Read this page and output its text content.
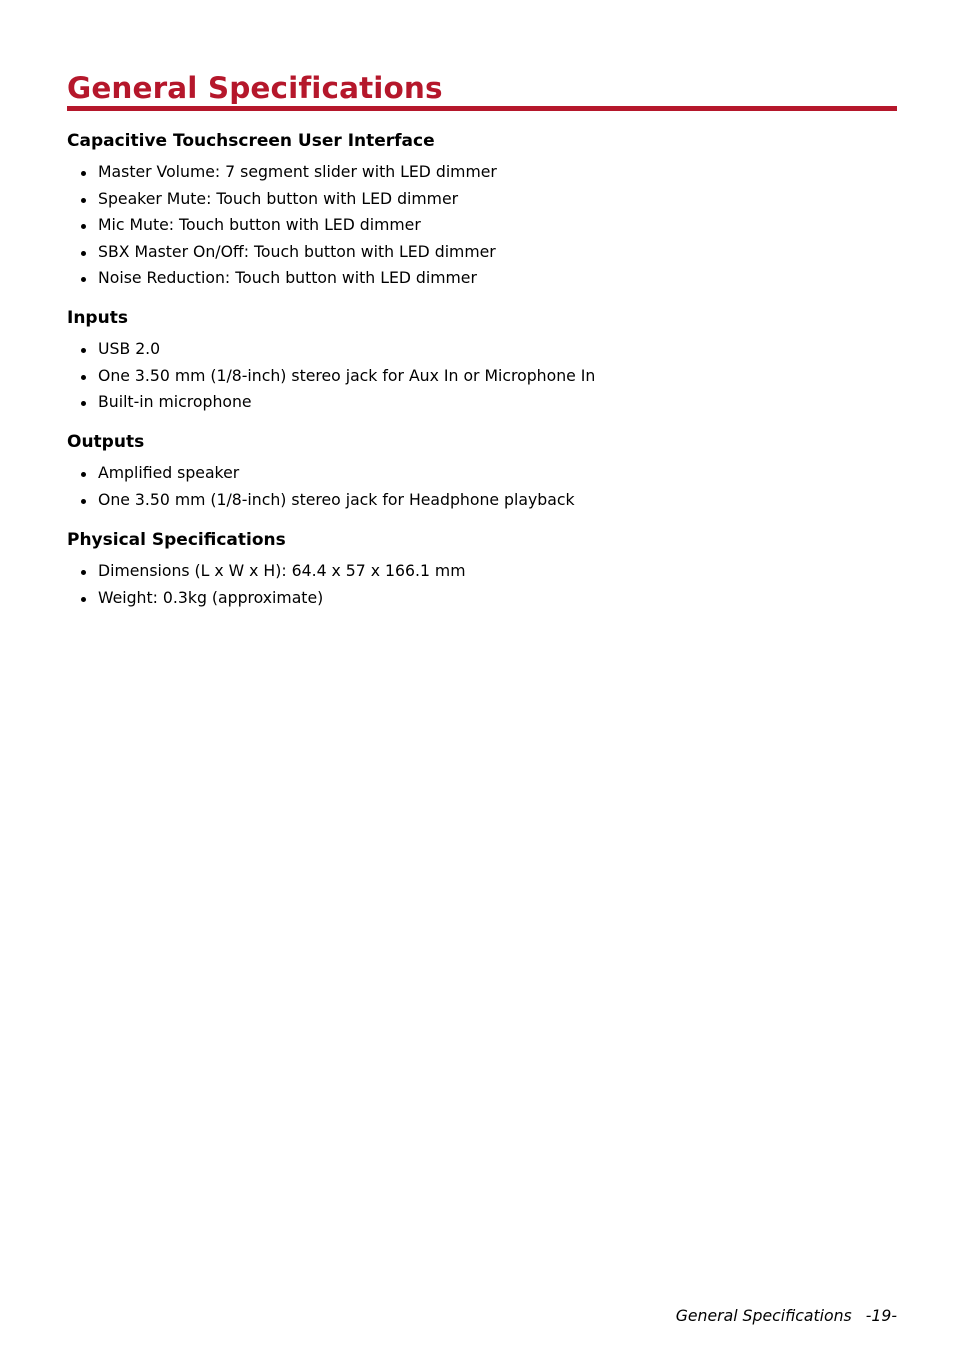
General Specifications
Capacitive Touchscreen User Interface
Master Volume: 7 segment slider with LED dimmer
Speaker Mute: Touch button with LED dimmer
Mic Mute: Touch button with LED dimmer
SBX Master On/Off: Touch button with LED dimmer
Noise Reduction: Touch button with LED dimmer
Inputs
USB 2.0
One 3.50 mm (1/8-inch) stereo jack for Aux In or Microphone In
Built-in microphone
Outputs
Amplified speaker
One 3.50 mm (1/8-inch) stereo jack for Headphone playback
Physical Specifications
Dimensions (L x W x H): 64.4 x 57 x 166.1 mm
Weight: 0.3kg (approximate)
General Specifications -19-
